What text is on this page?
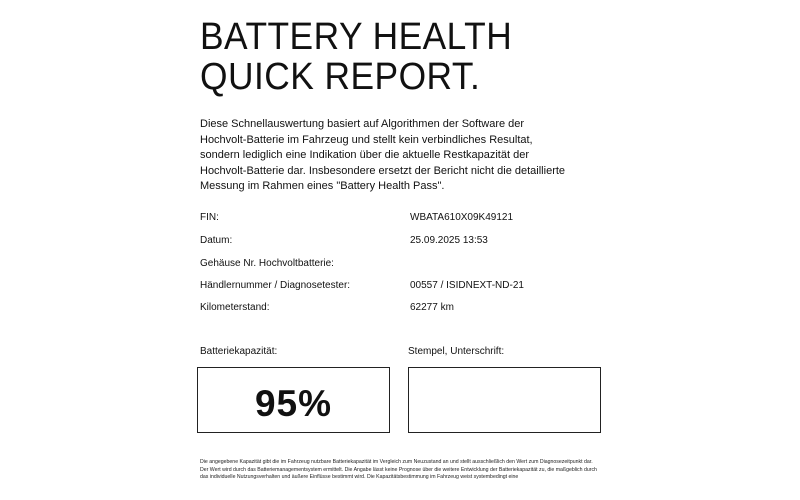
BATTERY HEALTH
QUICK REPORT.
Diese Schnellauswertung basiert auf Algorithmen der Software der Hochvolt-Batterie im Fahrzeug und stellt kein verbindliches Resultat, sondern lediglich eine Indikation über die aktuelle Restkapazität der Hochvolt-Batterie dar. Insbesondere ersetzt der Bericht nicht die detaillierte Messung im Rahmen eines "Battery Health Pass".
FIN:	WBATA610X09K49121
Datum:	25.09.2025 13:53
Gehäuse Nr. Hochvoltbatterie:
Händlernummer / Diagnosetester:	00557 / ISIDNEXT-ND-21
Kilometerstand:	62277 km
Batteriekapazität:	Stempel, Unterschrift:
95%
Die angegebene Kapazität gibt die im Fahrzeug nutzbare Batteriekapazität im Vergleich zum Neuzustand an und stellt ausschließlich den Wert zum Diagnosezeitpunkt dar. Der Wert wird durch das Batteriemanagementsystem ermittelt. Die Angabe lässt keine Prognose über die weitere Entwicklung der Batteriekapazität zu, die maßgeblich durch das individuelle Nutzungsverhalten und äußere Einflüsse bestimmt wird. Die Kapazitätsbestimmung im Fahrzeug weist systembedingt eine
